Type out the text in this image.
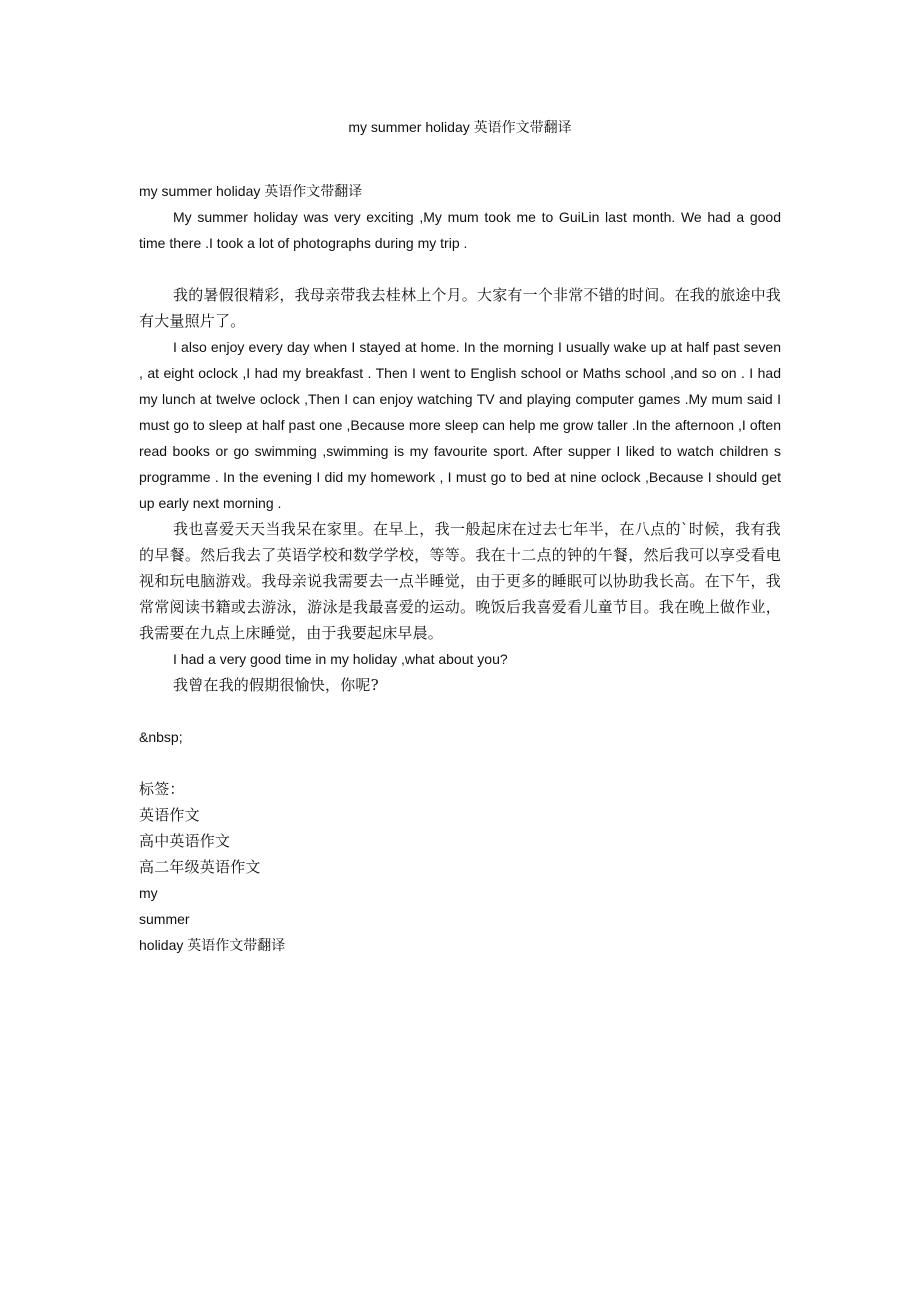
my summer holiday 英语作文带翻译

my summer holiday 英语作文带翻译

My summer holiday was very exciting ,My mum took me to GuiLin last month. We had a good time there .I took a lot of photographs during my trip .

我的暑假很精彩，我母亲带我去桂林上个月。大家有一个非常不错的时间。在我的旅途中我有大量照片了。

I also enjoy every day when I stayed at home. In the morning I usually wake up at half past seven , at eight oclock ,I had my breakfast . Then I went to English school or Maths school ,and so on . I had my lunch at twelve oclock ,Then I can enjoy watching TV and playing computer games .My mum said I must go to sleep at half past one ,Because more sleep can help me grow taller .In the afternoon ,I often read books or go swimming ,swimming is my favourite sport. After supper I liked to watch children s programme . In the evening I did my homework , I must go to bed at nine oclock ,Because I should get up early next morning .

我也喜爱天天当我呆在家里。在早上，我一般起床在过去七年半，在八点的`时候，我有我的早餐。然后我去了英语学校和数学学校，等等。我在十二点的钟的午餐，然后我可以享受看电视和玩电脑游戏。我母亲说我需要去一点半睡觉，由于更多的睡眠可以协助我长高。在下午，我常常阅读书籍或去游泳，游泳是我最喜爱的运动。晚饭后我喜爱看儿童节目。我在晚上做作业，我需要在九点上床睡觉，由于我要起床早晨。

I had a very good time in my holiday ,what about you?

我曾在我的假期很愉快，你呢?

&nbsp;

标签：

英语作文
高中英语作文
高二年级英语作文
my
summer
holiday 英语作文带翻译
